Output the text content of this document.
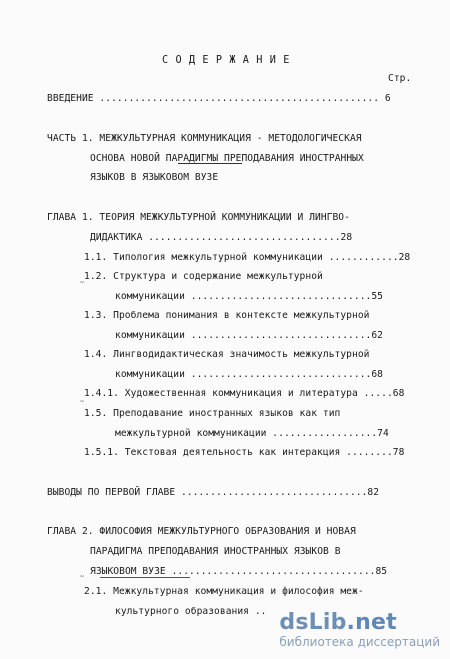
С О Д Е Р Ж А Н И Е
Стр.
ВВЕДЕНИЕ ................................................ 6
ЧАСТЬ 1. МЕЖКУЛЬТУРНАЯ КОММУНИКАЦИЯ - МЕТОДОЛОГИЧЕСКАЯ
ОСНОВА НОВОЙ ПАРАДИГМЫ ПРЕПОДАВАНИЯ ИНОСТРАННЫХ
ЯЗЫКОВ В ЯЗЫКОВОМ ВУЗЕ
ГЛАВА 1. ТЕОРИЯ МЕЖКУЛЬТУРНОЙ КОММУНИКАЦИИ И ЛИНГВО-
ДИДАКТИКА .................................28
1.1. Типология межкультурной коммуникации ............28
1.2. Структура и содержание межкультурной
коммуникации ...............................55
1.3. Проблема понимания в контексте межкультурной
коммуникации ...............................62
1.4. Лингводидактическая значимость межкультурной
коммуникации ...............................68
1.4.1. Художественная коммуникация и литература .....68
1.5. Преподавание иностранных языков как тип
межкультурной коммуникации ..................74
1.5.1. Текстовая деятельность как интеракция ........78
ВЫВОДЫ ПО ПЕРВОЙ ГЛАВЕ ................................82
ГЛАВА 2. ФИЛОСОФИЯ МЕЖКУЛЬТУРНОГО ОБРАЗОВАНИЯ И НОВАЯ
ПАРАДИГМА ПРЕПОДАВАНИЯ ИНОСТРАННЫХ ЯЗЫКОВ В
ЯЗЫКОВОМ ВУЗЕ ...................................85
2.1. Межкультурная коммуникация и философия меж-
культурного образования ..
˜
˜
˜
dsLib.net
библиотека диссертаций
